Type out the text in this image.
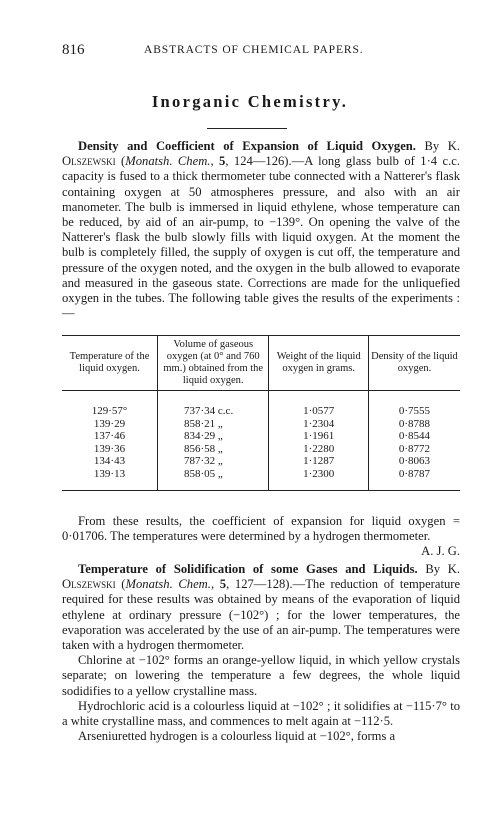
816	ABSTRACTS OF CHEMICAL PAPERS.
Inorganic Chemistry.

Density and Coefficient of Expansion of Liquid Oxygen. By K. Olszewski (Monatsh. Chem., 5, 124—126).—A long glass bulb of 1·4 c.c. capacity is fused to a thick thermometer tube connected with a Natterer's flask containing oxygen at 50 atmospheres pressure, and also with an air manometer. The bulb is immersed in liquid ethylene, whose temperature can be reduced, by aid of an air-pump, to −139°. On opening the valve of the Natterer's flask the bulb slowly fills with liquid oxygen. At the moment the bulb is completely filled, the supply of oxygen is cut off, the temperature and pressure of the oxygen noted, and the oxygen in the bulb allowed to evaporate and measured in the gaseous state. Corrections are made for the unliquefied oxygen in the tubes. The following table gives the results of the experiments :—

Temperature of the liquid oxygen.	Volume of gaseous oxygen (at 0° and 760 mm.) obtained from the liquid oxygen.	Weight of the liquid oxygen in grams.	Density of the liquid oxygen.
129·57°	737·34 c.c.	1·0577	0·7555
139·29	858·21 „	1·2304	0·8788
137·46	834·29 „	1·1961	0·8544
139·36	856·58 „	1·2280	0·8772
134·43	787·32 „	1·1287	0·8063
139·13	858·05 „	1·2300	0·8787

From these results, the coefficient of expansion for liquid oxygen = 0·01706. The temperatures were determined by a hydrogen thermometer.
A. J. G.

Temperature of Solidification of some Gases and Liquids. By K. Olszewski (Monatsh. Chem., 5, 127—128).—The reduction of temperature required for these results was obtained by means of the evaporation of liquid ethylene at ordinary pressure (−102°) ; for the lower temperatures, the evaporation was accelerated by the use of an air-pump. The temperatures were taken with a hydrogen thermometer.

Chlorine at −102° forms an orange-yellow liquid, in which yellow crystals separate; on lowering the temperature a few degrees, the whole liquid sodidifies to a yellow crystalline mass.

Hydrochloric acid is a colourless liquid at −102° ; it solidifies at −115·7° to a white crystalline mass, and commences to melt again at −112·5.

Arseniuretted hydrogen is a colourless liquid at −102°, forms a
